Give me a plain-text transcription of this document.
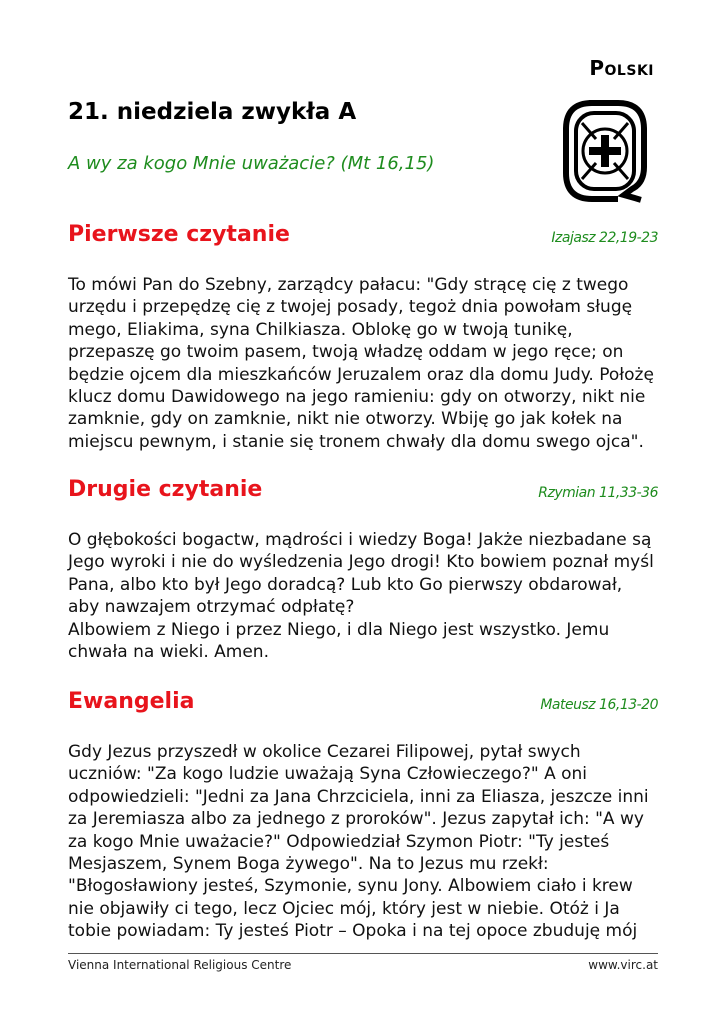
Polski
21. niedziela zwykła A
A wy za kogo Mnie uważacie? (Mt 16,15)
Pierwsze czytanie	Izajasz 22,19-23
To mówi Pan do Szebny, zarządcy pałacu: "Gdy strącę cię z twego urzędu i przepędzę cię z twojej posady, tegoż dnia powołam sługę mego, Eliakima, syna Chilkiasza. Oblokę go w twoją tunikę, przepaszę go twoim pasem, twoją władzę oddam w jego ręce; on będzie ojcem dla mieszkańców Jeruzalem oraz dla domu Judy. Położę klucz domu Dawidowego na jego ramieniu: gdy on otworzy, nikt nie zamknie, gdy on zamknie, nikt nie otworzy. Wbiję go jak kołek na miejscu pewnym, i stanie się tronem chwały dla domu swego ojca".
Drugie czytanie	Rzymian 11,33-36
O głębokości bogactw, mądrości i wiedzy Boga! Jakże niezbadane są Jego wyroki i nie do wyśledzenia Jego drogi! Kto bowiem poznał myśl Pana, albo kto był Jego doradcą? Lub kto Go pierwszy obdarował, aby nawzajem otrzymać odpłatę?
Albowiem z Niego i przez Niego, i dla Niego jest wszystko. Jemu chwała na wieki. Amen.
Ewangelia	Mateusz 16,13-20
Gdy Jezus przyszedł w okolice Cezarei Filipowej, pytał swych uczniów: "Za kogo ludzie uważają Syna Człowieczego?" A oni odpowiedzieli: "Jedni za Jana Chrzciciela, inni za Eliasza, jeszcze inni za Jeremiasza albo za jednego z proroków". Jezus zapytał ich: "A wy za kogo Mnie uważacie?" Odpowiedział Szymon Piotr: "Ty jesteś Mesjaszem, Synem Boga żywego". Na to Jezus mu rzekł: "Błogosławiony jesteś, Szymonie, synu Jony. Albowiem ciało i krew nie objawiły ci tego, lecz Ojciec mój, który jest w niebie. Otóż i Ja tobie powiadam: Ty jesteś Piotr – Opoka i na tej opoce zbuduję mój
Vienna International Religious Centre	www.virc.at
